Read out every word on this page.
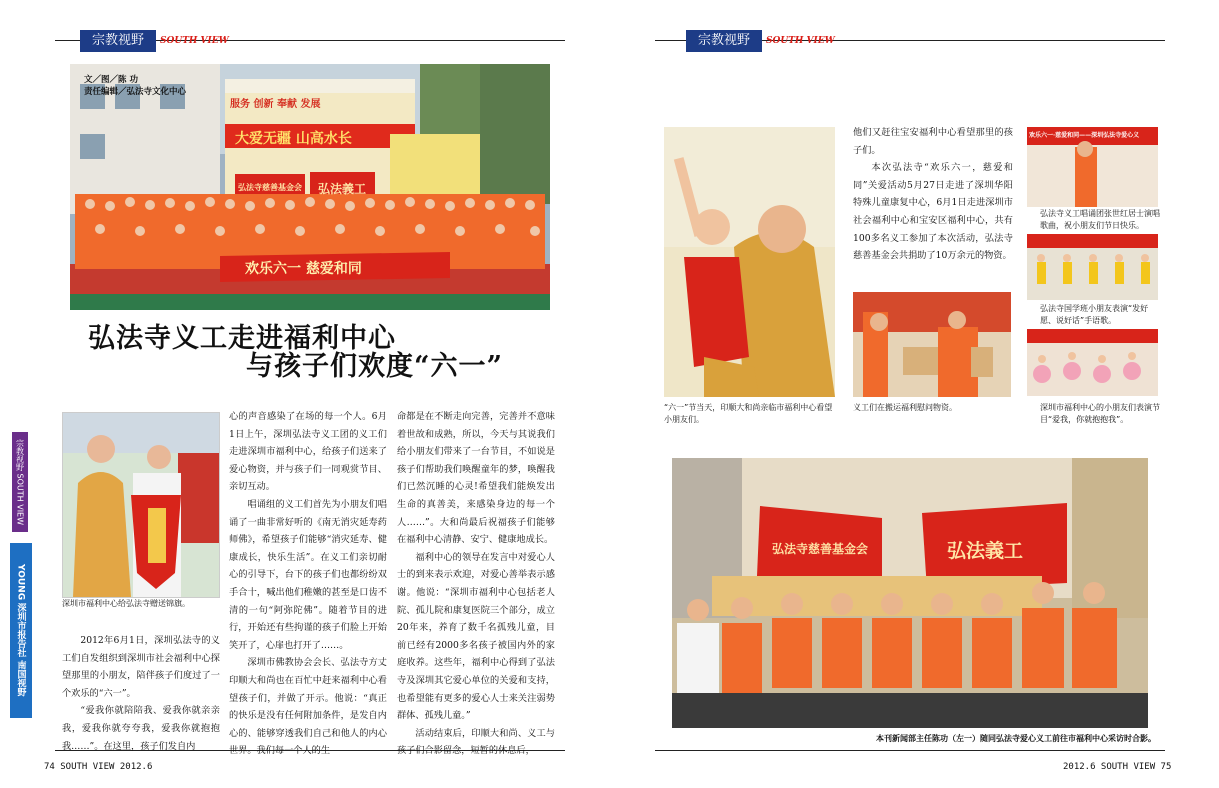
宗教视野	SOUTH VIEW
服务 创新 奉献 发展
大爱无疆 山高水长
弘法寺慈善基金会 弘法義工
欢乐六一 慈爱和同
文／图／陈 功
责任编辑／弘法寺文化中心
弘法寺义工走进福利中心
与孩子们欢度“六一”
深圳市福利中心给弘法寺赠送锦旗。

2012年6月1日，深圳弘法寺的义工们自发组织到深圳市社会福利中心探望那里的小朋友，陪伴孩子们度过了一个欢乐的“六一”。

“爱我你就陪陪我、爱我你就亲亲我，爱我你就夸夸我，爱我你就抱抱我……”。在这里，孩子们发自内

心的声音感染了在场的每一个人。6月1日上午，深圳弘法寺义工团的义工们走进深圳市福利中心，给孩子们送来了爱心物资，并与孩子们一同观赏节目、亲切互动。

唱诵组的义工们首先为小朋友们唱诵了一曲非常好听的《南无消灾延寿药师佛》，希望孩子们能够“消灾延寿、健康成长，快乐生活”。在义工们亲切耐心的引导下，台下的孩子们也都纷纷双手合十，喊出他们稚嫩的甚至是口齿不清的一句“阿弥陀佛”。随着节目的进行，开始还有些拘谨的孩子们脸上开始笑开了，心扉也打开了……。

深圳市佛教协会会长、弘法寺方丈印顺大和尚也在百忙中赶来福利中心看望孩子们，并做了开示。他说：“真正的快乐是没有任何附加条件，是发自内心的、能够穿透我们自己和他人的内心世界。我们每一个人的生

命都是在不断走向完善，完善并不意味着世故和成熟，所以，今天与其说我们给小朋友们带来了一台节目，不如说是孩子们帮助我们唤醒童年的梦，唤醒我们已然沉睡的心灵!希望我们能焕发出生命的真善美，来感染身边的每一个人……”。大和尚最后祝福孩子们能够在福利中心清静、安宁、健康地成长。

福利中心的领导在发言中对爱心人士的到来表示欢迎，对爱心善举表示感谢。他说：“深圳市福利中心包括老人院、孤儿院和康复医院三个部分，成立20年来，养育了数千名孤残儿童，目前已经有2000多名孩子被国内外的家庭收养。这些年，福利中心得到了弘法寺及深圳其它爱心单位的关爱和支持，也希望能有更多的爱心人士来关注弱势群体、孤残儿童。”

活动结束后，印顺大和尚、义工与孩子们合影留念，短暂的休息后，

宗教视野 SOUTH VIEW
YOUNG 深圳市报告社 南国视野
74 SOUTH VIEW 2012.6
宗教视野	SOUTH VIEW
“六一”节当天，印顺大和尚亲临市福利中心看望小朋友们。

他们又赶往宝安福利中心看望那里的孩子们。

本次弘法寺“欢乐六一，慈爱和同”关爱活动5月27日走进了深圳华阳特殊儿童康复中心，6月1日走进深圳市社会福利中心和宝安区福利中心，共有100多名义工参加了本次活动，弘法寺慈善基金会共捐助了10万余元的物资。

义工们在搬运福利慰问物资。
欢乐六一·慈爱和同——深圳弘法寺爱心义
弘法寺义工唱诵团张世红居士演唱歌曲，祝小朋友们节日快乐。
弘法寺国学班小朋友表演“发好愿、说好话”手语歌。
深圳市福利中心的小朋友们表演节目“爱我，你就抱抱我”。
弘法寺慈善基金会	弘法義工
本刊新闻部主任陈功（左一）随同弘法寺爱心义工前往市福利中心采访时合影。
2012.6 SOUTH VIEW 75
